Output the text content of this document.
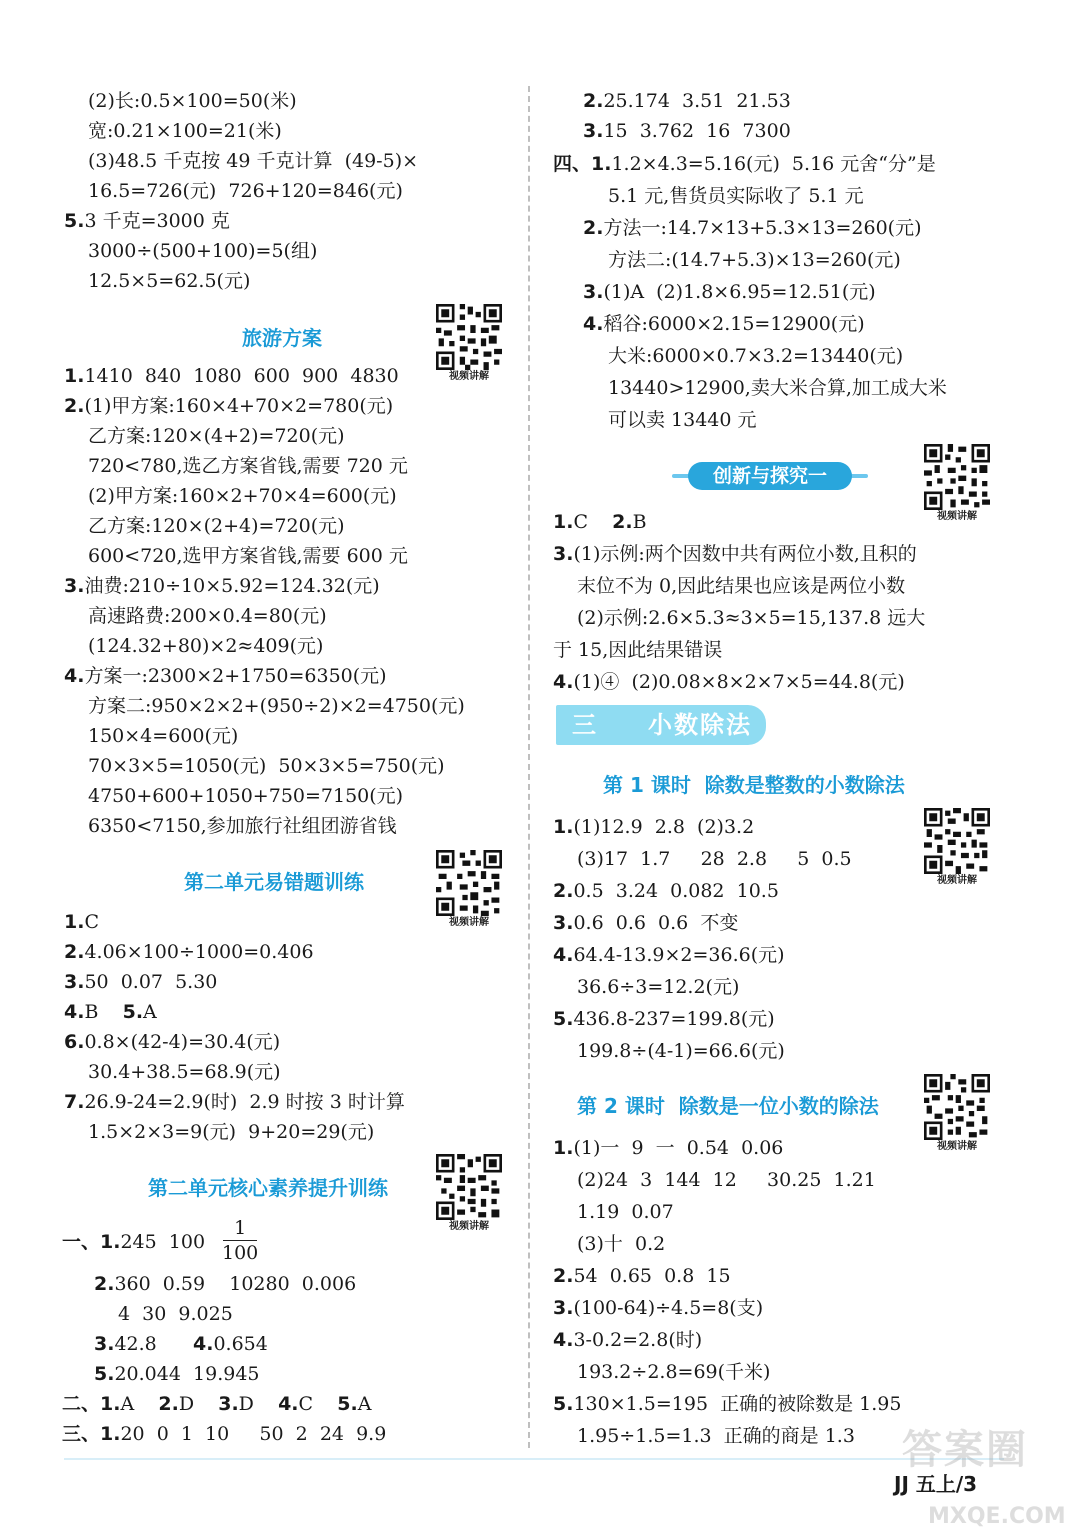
(2)长:0.5×100=50(米)
宽:0.21×100=21(米)
(3)48.5 千克按 49 千克计算  (49-5)×
16.5=726(元)  726+120=846(元)
5.3 千克=3000 克
3000÷(500+100)=5(组)
12.5×5=62.5(元)
旅游方案
视频讲解
1.1410  840  1080  600  900  4830
2.(1)甲方案:160×4+70×2=780(元)
乙方案:120×(4+2)=720(元)
720<780,选乙方案省钱,需要 720 元
(2)甲方案:160×2+70×4=600(元)
乙方案:120×(2+4)=720(元)
600<720,选甲方案省钱,需要 600 元
3.油费:210÷10×5.92=124.32(元)
高速路费:200×0.4=80(元)
(124.32+80)×2≈409(元)
4.方案一:2300×2+1750=6350(元)
方案二:950×2×2+(950÷2)×2=4750(元)
150×4=600(元)
70×3×5=1050(元)  50×3×5=750(元)
4750+600+1050+750=7150(元)
6350<7150,参加旅行社组团游省钱
第二单元易错题训练
视频讲解
1.C
2.4.06×100÷1000=0.406
3.50  0.07  5.30
4.B 5.A
6.0.8×(42-4)=30.4(元)
30.4+38.5=68.9(元)
7.26.9-24=2.9(时)  2.9 时按 3 时计算
1.5×2×3=9(元)  9+20=29(元)
第二单元核心素养提升训练
视频讲解
一、1.245  100
1
100
2.360  0.59    10280  0.006
4  30  9.025
3.42.8 4.0.654
5.20.044  19.945
二、1.A 2.D 3.D 4.C 5.A
三、1.20  0  1  10     50  2  24  9.9
2.25.174  3.51  21.53
3.15  3.762  16  7300
四、1.1.2×4.3=5.16(元)  5.16 元舍“分”是
5.1 元,售货员实际收了 5.1 元
2.方法一:14.7×13+5.3×13=260(元)
方法二:(14.7+5.3)×13=260(元)
3.(1)A  (2)1.8×6.95=12.51(元)
4.稻谷:6000×2.15=12900(元)
大米:6000×0.7×3.2=13440(元)
13440>12900,卖大米合算,加工成大米
可以卖 13440 元
视频讲解
1.C 2.B
3.(1)示例:两个因数中共有两位小数,且积的
末位不为 0,因此结果也应该是两位小数
(2)示例:2.6×5.3≈3×5=15,137.8 远大
于 15,因此结果错误
4.(1)④  (2)0.08×8×2×7×5=44.8(元)
第 1 课时  除数是整数的小数除法
视频讲解
1.(1)12.9  2.8  (2)3.2
(3)17  1.7     28  2.8     5  0.5
2.0.5  3.24  0.082  10.5
3.0.6  0.6  0.6  不变
4.64.4-13.9×2=36.6(元)
36.6÷3=12.2(元)
5.436.8-237=199.8(元)
199.8÷(4-1)=66.6(元)
第 2 课时  除数是一位小数的除法
视频讲解
1.(1)一  9  一  0.54  0.06
(2)24  3  144  12     30.25  1.21
1.19  0.07
(3)十  0.2
2.54  0.65  0.8  15
3.(100-64)÷4.5=8(支)
4.3-0.2=2.8(时)
193.2÷2.8=69(千米)
5.130×1.5=195  正确的被除数是 1.95
1.95÷1.5=1.3  正确的商是 1.3
创新与探究一
三 小数除法
JJ 五上/3
答案圈
MXQE.COM
